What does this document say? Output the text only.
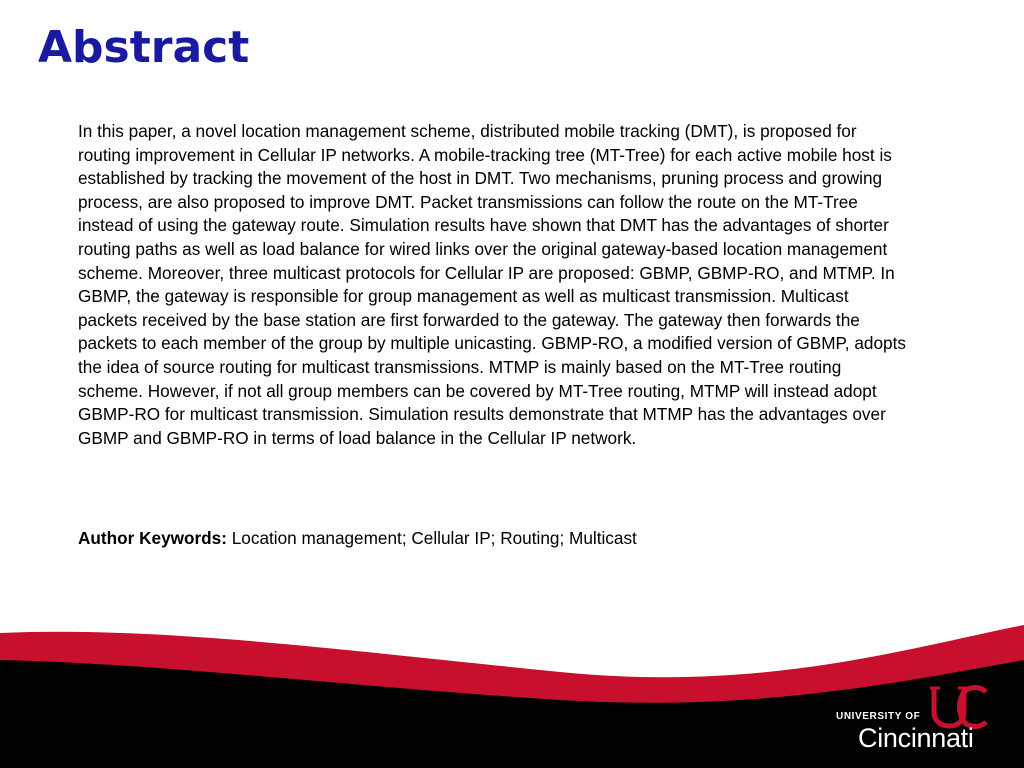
Abstract

In this paper, a novel location management scheme, distributed mobile tracking (DMT), is proposed for routing improvement in Cellular IP networks. A mobile-tracking tree (MT-Tree) for each active mobile host is established by tracking the movement of the host in DMT. Two mechanisms, pruning process and growing process, are also proposed to improve DMT. Packet transmissions can follow the route on the MT-Tree instead of using the gateway route. Simulation results have shown that DMT has the advantages of shorter routing paths as well as load balance for wired links over the original gateway-based location management scheme. Moreover, three multicast protocols for Cellular IP are proposed: GBMP, GBMP-RO, and MTMP. In GBMP, the gateway is responsible for group management as well as multicast transmission. Multicast packets received by the base station are first forwarded to the gateway. The gateway then forwards the packets to each member of the group by multiple unicasting. GBMP-RO, a modified version of GBMP, adopts the idea of source routing for multicast transmissions. MTMP is mainly based on the MT-Tree routing scheme. However, if not all group members can be covered by MT-Tree routing, MTMP will instead adopt GBMP-RO for multicast transmission. Simulation results demonstrate that MTMP has the advantages over GBMP and GBMP-RO in terms of load balance in the Cellular IP network.

Author Keywords: Location management; Cellular IP; Routing; Multicast

UNIVERSITY OF
Cincinnati
